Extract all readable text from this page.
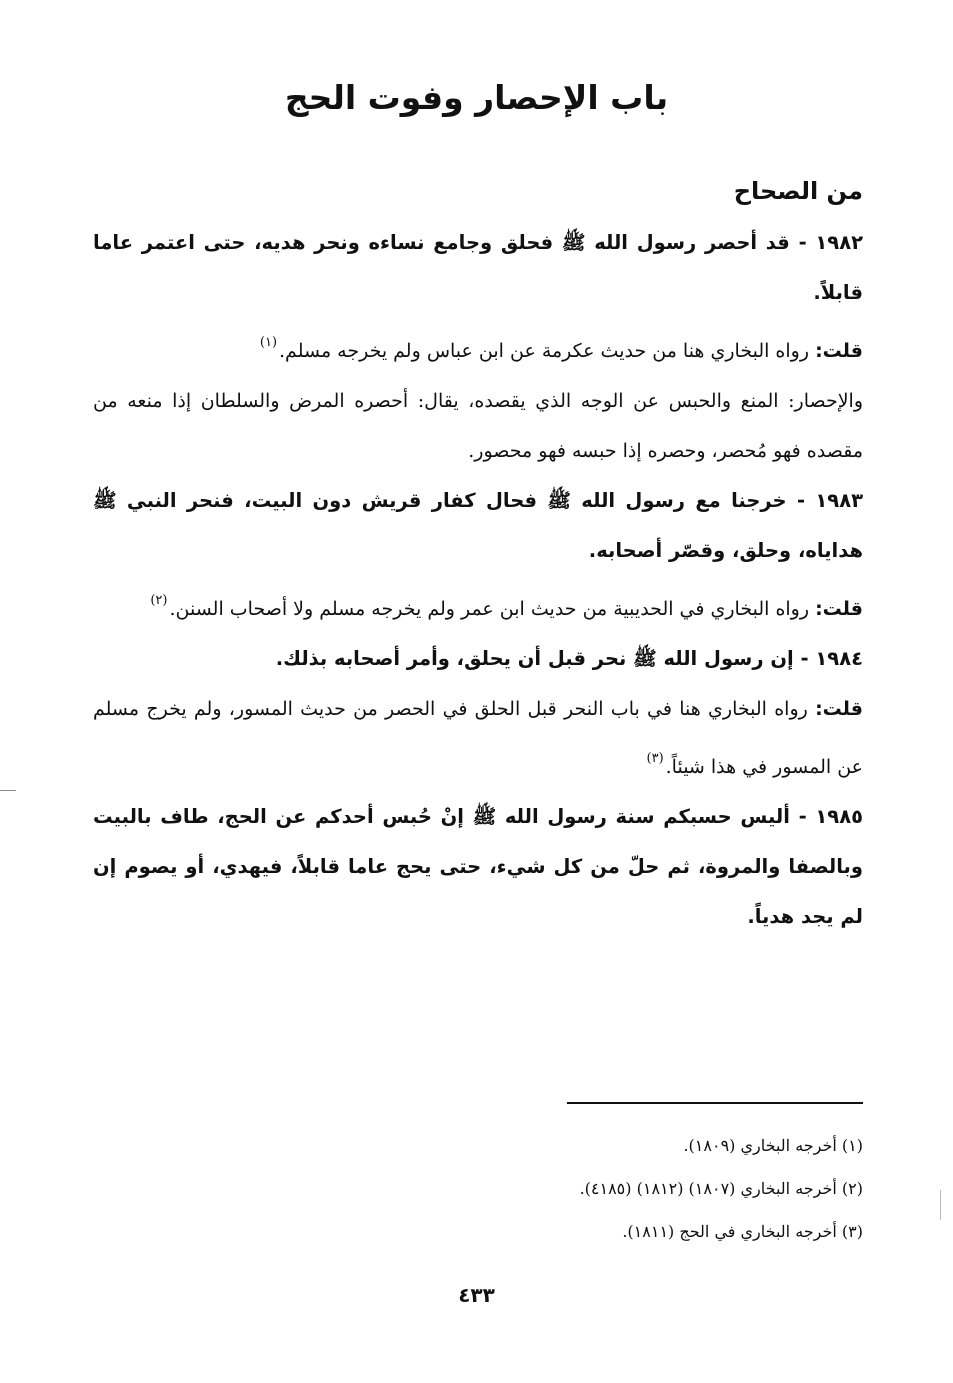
باب الإحصار وفوت الحج
من الصحاح

١٩٨٢ - قد أحصر رسول الله ﷺ فحلق وجامع نساءه ونحر هديه، حتى اعتمر عاما قابلاً.

قلت: رواه البخاري هنا من حديث عكرمة عن ابن عباس ولم يخرجه مسلم.$^{(١)}$

والإحصار: المنع والحبس عن الوجه الذي يقصده، يقال: أحصره المرض والسلطان إذا منعه من مقصده فهو مُحصر، وحصره إذا حبسه فهو محصور.

١٩٨٣ - خرجنا مع رسول الله ﷺ فحال كفار قريش دون البيت، فنحر النبي ﷺ هداياه، وحلق، وقصّر أصحابه.

قلت: رواه البخاري في الحديبية من حديث ابن عمر ولم يخرجه مسلم ولا أصحاب السنن.$^{(٢)}$

١٩٨٤ - إن رسول الله ﷺ نحر قبل أن يحلق، وأمر أصحابه بذلك.

قلت: رواه البخاري هنا في باب النحر قبل الحلق في الحصر من حديث المسور، ولم يخرج مسلم عن المسور في هذا شيئاً.$^{(٣)}$

١٩٨٥ - أليس حسبكم سنة رسول الله ﷺ إنْ حُبس أحدكم عن الحج، طاف بالبيت وبالصفا والمروة، ثم حلّ من كل شيء، حتى يحج عاما قابلاً، فيهدي، أو يصوم إن لم يجد هدياً.

(١) أخرجه البخاري (١٨٠٩).

(٢) أخرجه البخاري (١٨٠٧) (١٨١٢) (٤١٨٥).

(٣) أخرجه البخاري في الحج (١٨١١).

٤٣٣
